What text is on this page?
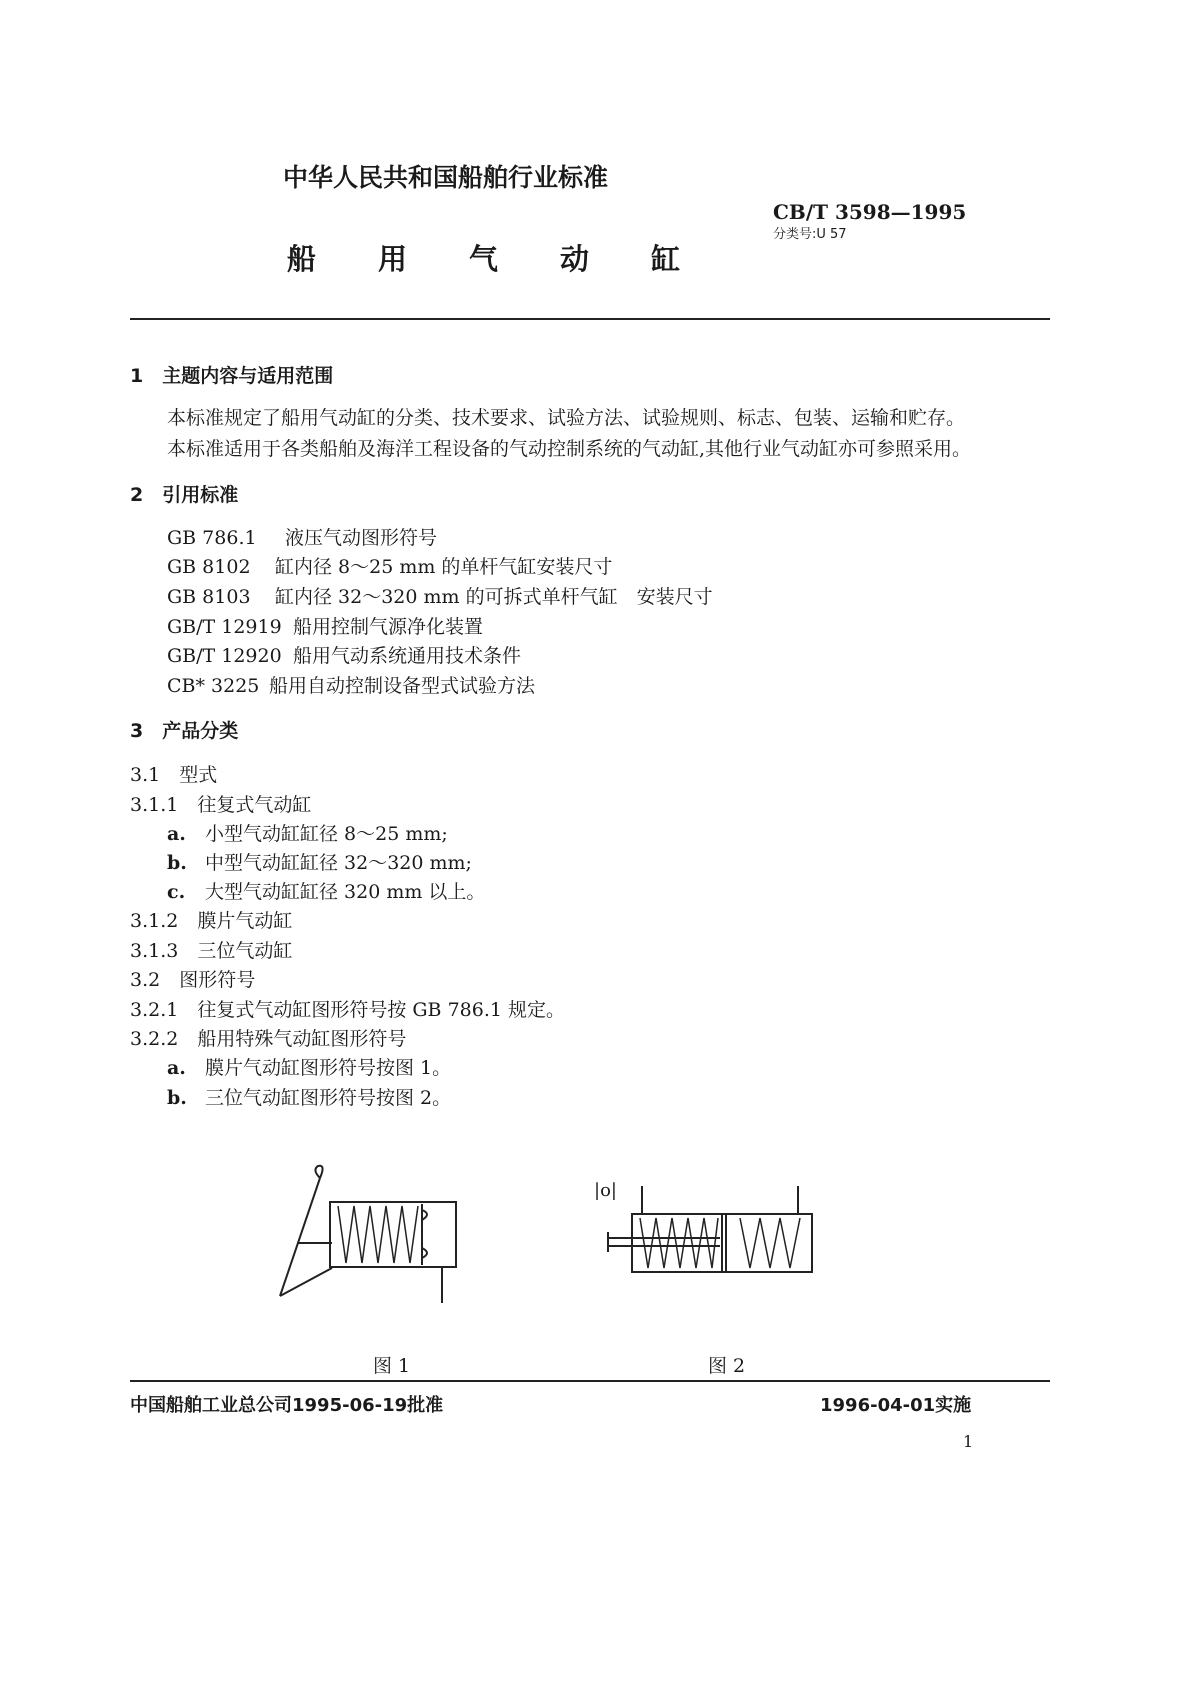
中华人民共和国船舶行业标准
CB/T 3598—1995
分类号:U 57
船 用 气 动 缸
1　主题内容与适用范围
本标准规定了船用气动缸的分类、技术要求、试验方法、试验规则、标志、包装、运输和贮存。
本标准适用于各类船舶及海洋工程设备的气动控制系统的气动缸,其他行业气动缸亦可参照采用。
2　引用标准
GB 786.1 液压气动图形符号
GB 8102 缸内径 8～25 mm 的单杆气缸安装尺寸
GB 8103 缸内径 32～320 mm 的可拆式单杆气缸　安装尺寸
GB/T 12919 船用控制气源净化装置
GB/T 12920 船用气动系统通用技术条件
CB* 3225 船用自动控制设备型式试验方法
3　产品分类
3.1　型式
3.1.1　往复式气动缸
a. 小型气动缸缸径 8～25 mm;
b. 中型气动缸缸径 32～320 mm;
c. 大型气动缸缸径 320 mm 以上。
3.1.2　膜片气动缸
3.1.3　三位气动缸
3.2　图形符号
3.2.1　往复式气动缸图形符号按 GB 786.1 规定。
3.2.2　船用特殊气动缸图形符号
a. 膜片气动缸图形符号按图 1。
b. 三位气动缸图形符号按图 2。
图 1
|o|
图 2
中国船舶工业总公司1995-06-19批准	1996-04-01实施
1
